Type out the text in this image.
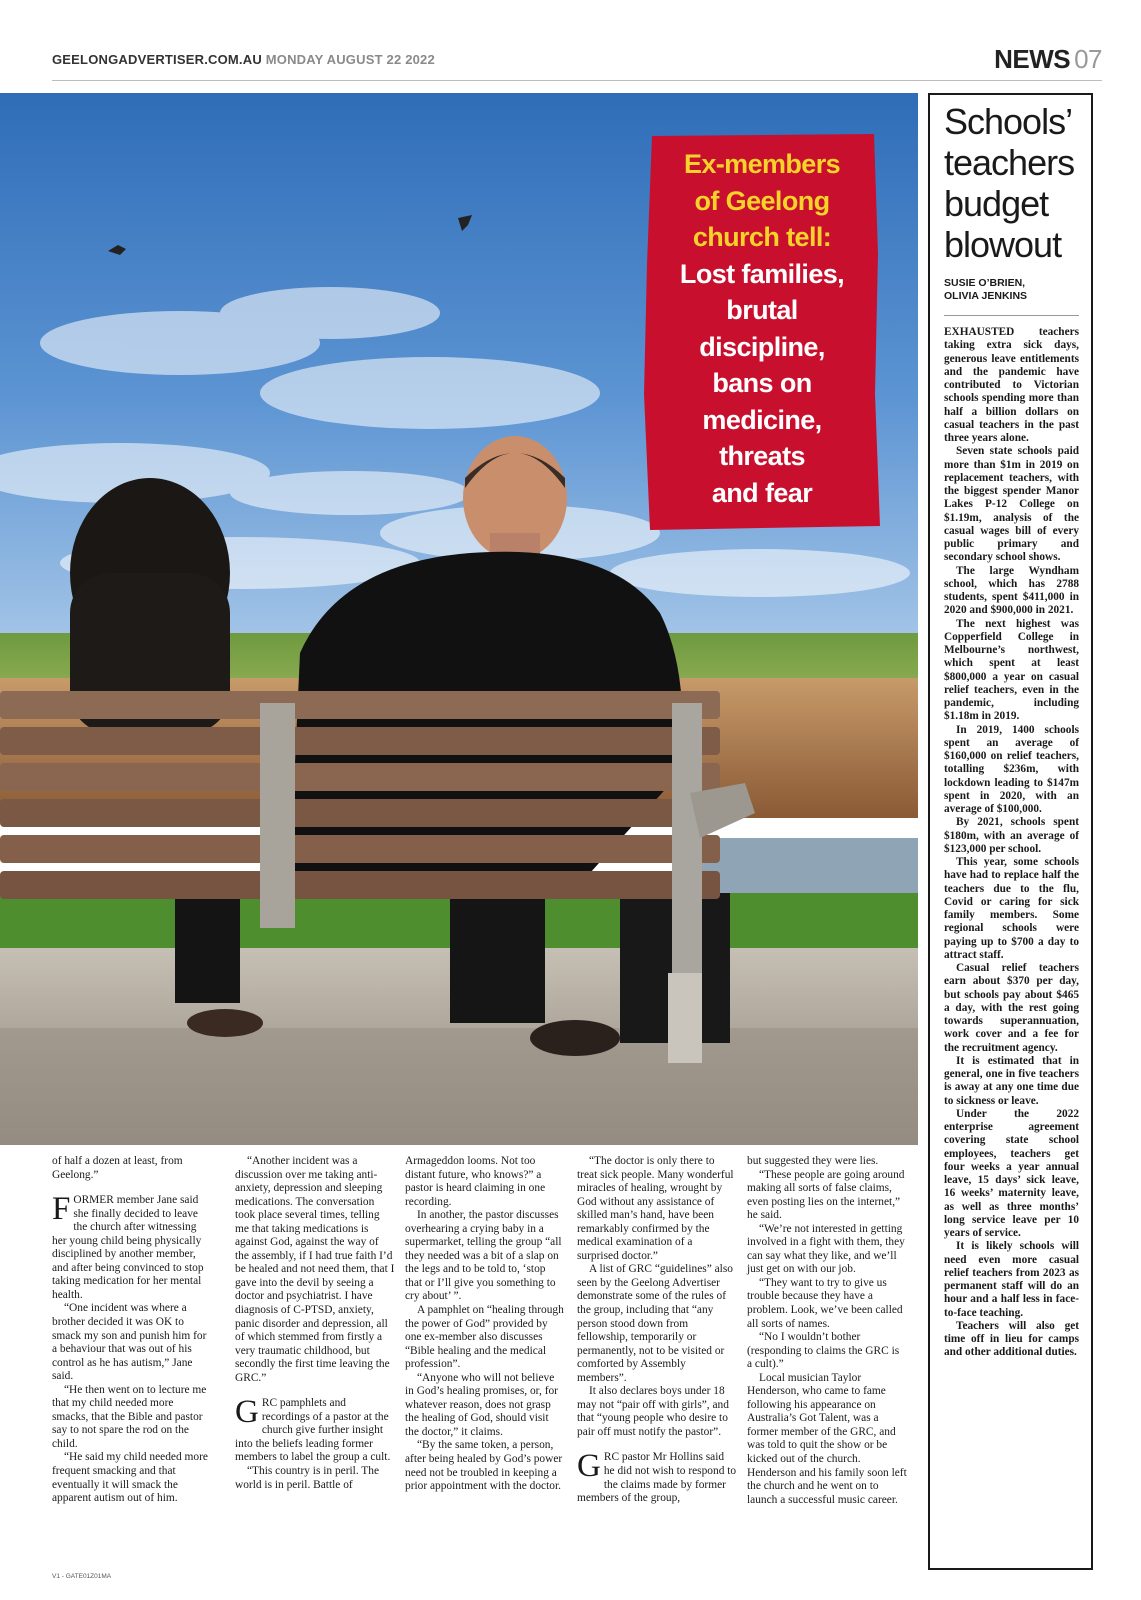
GEELONGADVERTISER.COM.AU MONDAY AUGUST 22 2022	NEWS 07
Ex-members
of Geelong
church tell:
Lost families,
brutal
discipline,
bans on
medicine,
threats
and fear
Schools’
teachers
budget
blowout
SUSIE O’BRIEN,
OLIVIA JENKINS

EXHAUSTED teachers taking extra sick days, generous leave entitlements and the pandemic have contributed to Victorian schools spending more than half a billion dollars on casual teachers in the past three years alone.

Seven state schools paid more than $1m in 2019 on replacement teachers, with the biggest spender Manor Lakes P-12 College on $1.19m, analysis of the casual wages bill of every public primary and secondary school shows.

The large Wyndham school, which has 2788 students, spent $411,000 in 2020 and $900,000 in 2021.

The next highest was Copperfield College in Melbourne’s northwest, which spent at least $800,000 a year on casual relief teachers, even in the pandemic, including $1.18m in 2019.

In 2019, 1400 schools spent an average of $160,000 on relief teachers, totalling $236m, with lockdown leading to $147m spent in 2020, with an average of $100,000.

By 2021, schools spent $180m, with an average of $123,000 per school.

This year, some schools have had to replace half the teachers due to the flu, Covid or caring for sick family members. Some regional schools were paying up to $700 a day to attract staff.

Casual relief teachers earn about $370 per day, but schools pay about $465 a day, with the rest going towards superannuation, work cover and a fee for the recruitment agency.

It is estimated that in general, one in five teachers is away at any one time due to sickness or leave.

Under the 2022 enterprise agreement covering state school employees, teachers get four weeks a year annual leave, 15 days’ sick leave, 16 weeks’ maternity leave, as well as three months’ long service leave per 10 years of service.

It is likely schools will need even more casual relief teachers from 2023 as permanent staff will do an hour and a half less in face-to-face teaching.

Teachers will also get time off in lieu for camps and other additional duties.

of half a dozen at least, from Geelong.”

FORMER member Jane said she finally decided to leave the church after witnessing her young child being physically disciplined by another member, and after being convinced to stop taking medication for her mental health.

“One incident was where a brother decided it was OK to smack my son and punish him for a behaviour that was out of his control as he has autism,” Jane said.

“He then went on to lecture me that my child needed more smacks, that the Bible and pastor say to not spare the rod on the child.

“He said my child needed more frequent smacking and that eventually it will smack the apparent autism out of him.

“Another incident was a discussion over me taking anti-anxiety, depression and sleeping medications. The conversation took place several times, telling me that taking medications is against God, against the way of the assembly, if I had true faith I’d be healed and not need them, that I gave into the devil by seeing a doctor and psychiatrist. I have diagnosis of C-PTSD, anxiety, panic disorder and depression, all of which stemmed from firstly a very traumatic childhood, but secondly the first time leaving the GRC.”

GRC pamphlets and recordings of a pastor at the church give further insight into the beliefs leading former members to label the group a cult.

“This country is in peril. The world is in peril. Battle of

Armageddon looms. Not too distant future, who knows?” a pastor is heard claiming in one recording.

In another, the pastor discusses overhearing a crying baby in a supermarket, telling the group “all they needed was a bit of a slap on the legs and to be told to, ‘stop that or I’ll give you something to cry about’ ”.

A pamphlet on “healing through the power of God” provided by one ex-member also discusses “Bible healing and the medical profession”.

“Anyone who will not believe in God’s healing promises, or, for whatever reason, does not grasp the healing of God, should visit the doctor,” it claims.

“By the same token, a person, after being healed by God’s power need not be troubled in keeping a prior appointment with the doctor.

“The doctor is only there to treat sick people. Many wonderful miracles of healing, wrought by God without any assistance of skilled man’s hand, have been remarkably confirmed by the medical examination of a surprised doctor.”

A list of GRC “guidelines” also seen by the Geelong Advertiser demonstrate some of the rules of the group, including that “any person stood down from fellowship, temporarily or permanently, not to be visited or comforted by Assembly members”.

It also declares boys under 18 may not “pair off with girls”, and that “young people who desire to pair off must notify the pastor”.

GRC pastor Mr Hollins said he did not wish to respond to the claims made by former members of the group,

but suggested they were lies.

“These people are going around making all sorts of false claims, even posting lies on the internet,” he said.

“We’re not interested in getting involved in a fight with them, they can say what they like, and we’ll just get on with our job.

“They want to try to give us trouble because they have a problem. Look, we’ve been called all sorts of names.

“No I wouldn’t bother (responding to claims the GRC is a cult).”

Local musician Taylor Henderson, who came to fame following his appearance on Australia’s Got Talent, was a former member of the GRC, and was told to quit the show or be kicked out of the church. Henderson and his family soon left the church and he went on to launch a successful music career.

V1 - GATE01Z01MA
